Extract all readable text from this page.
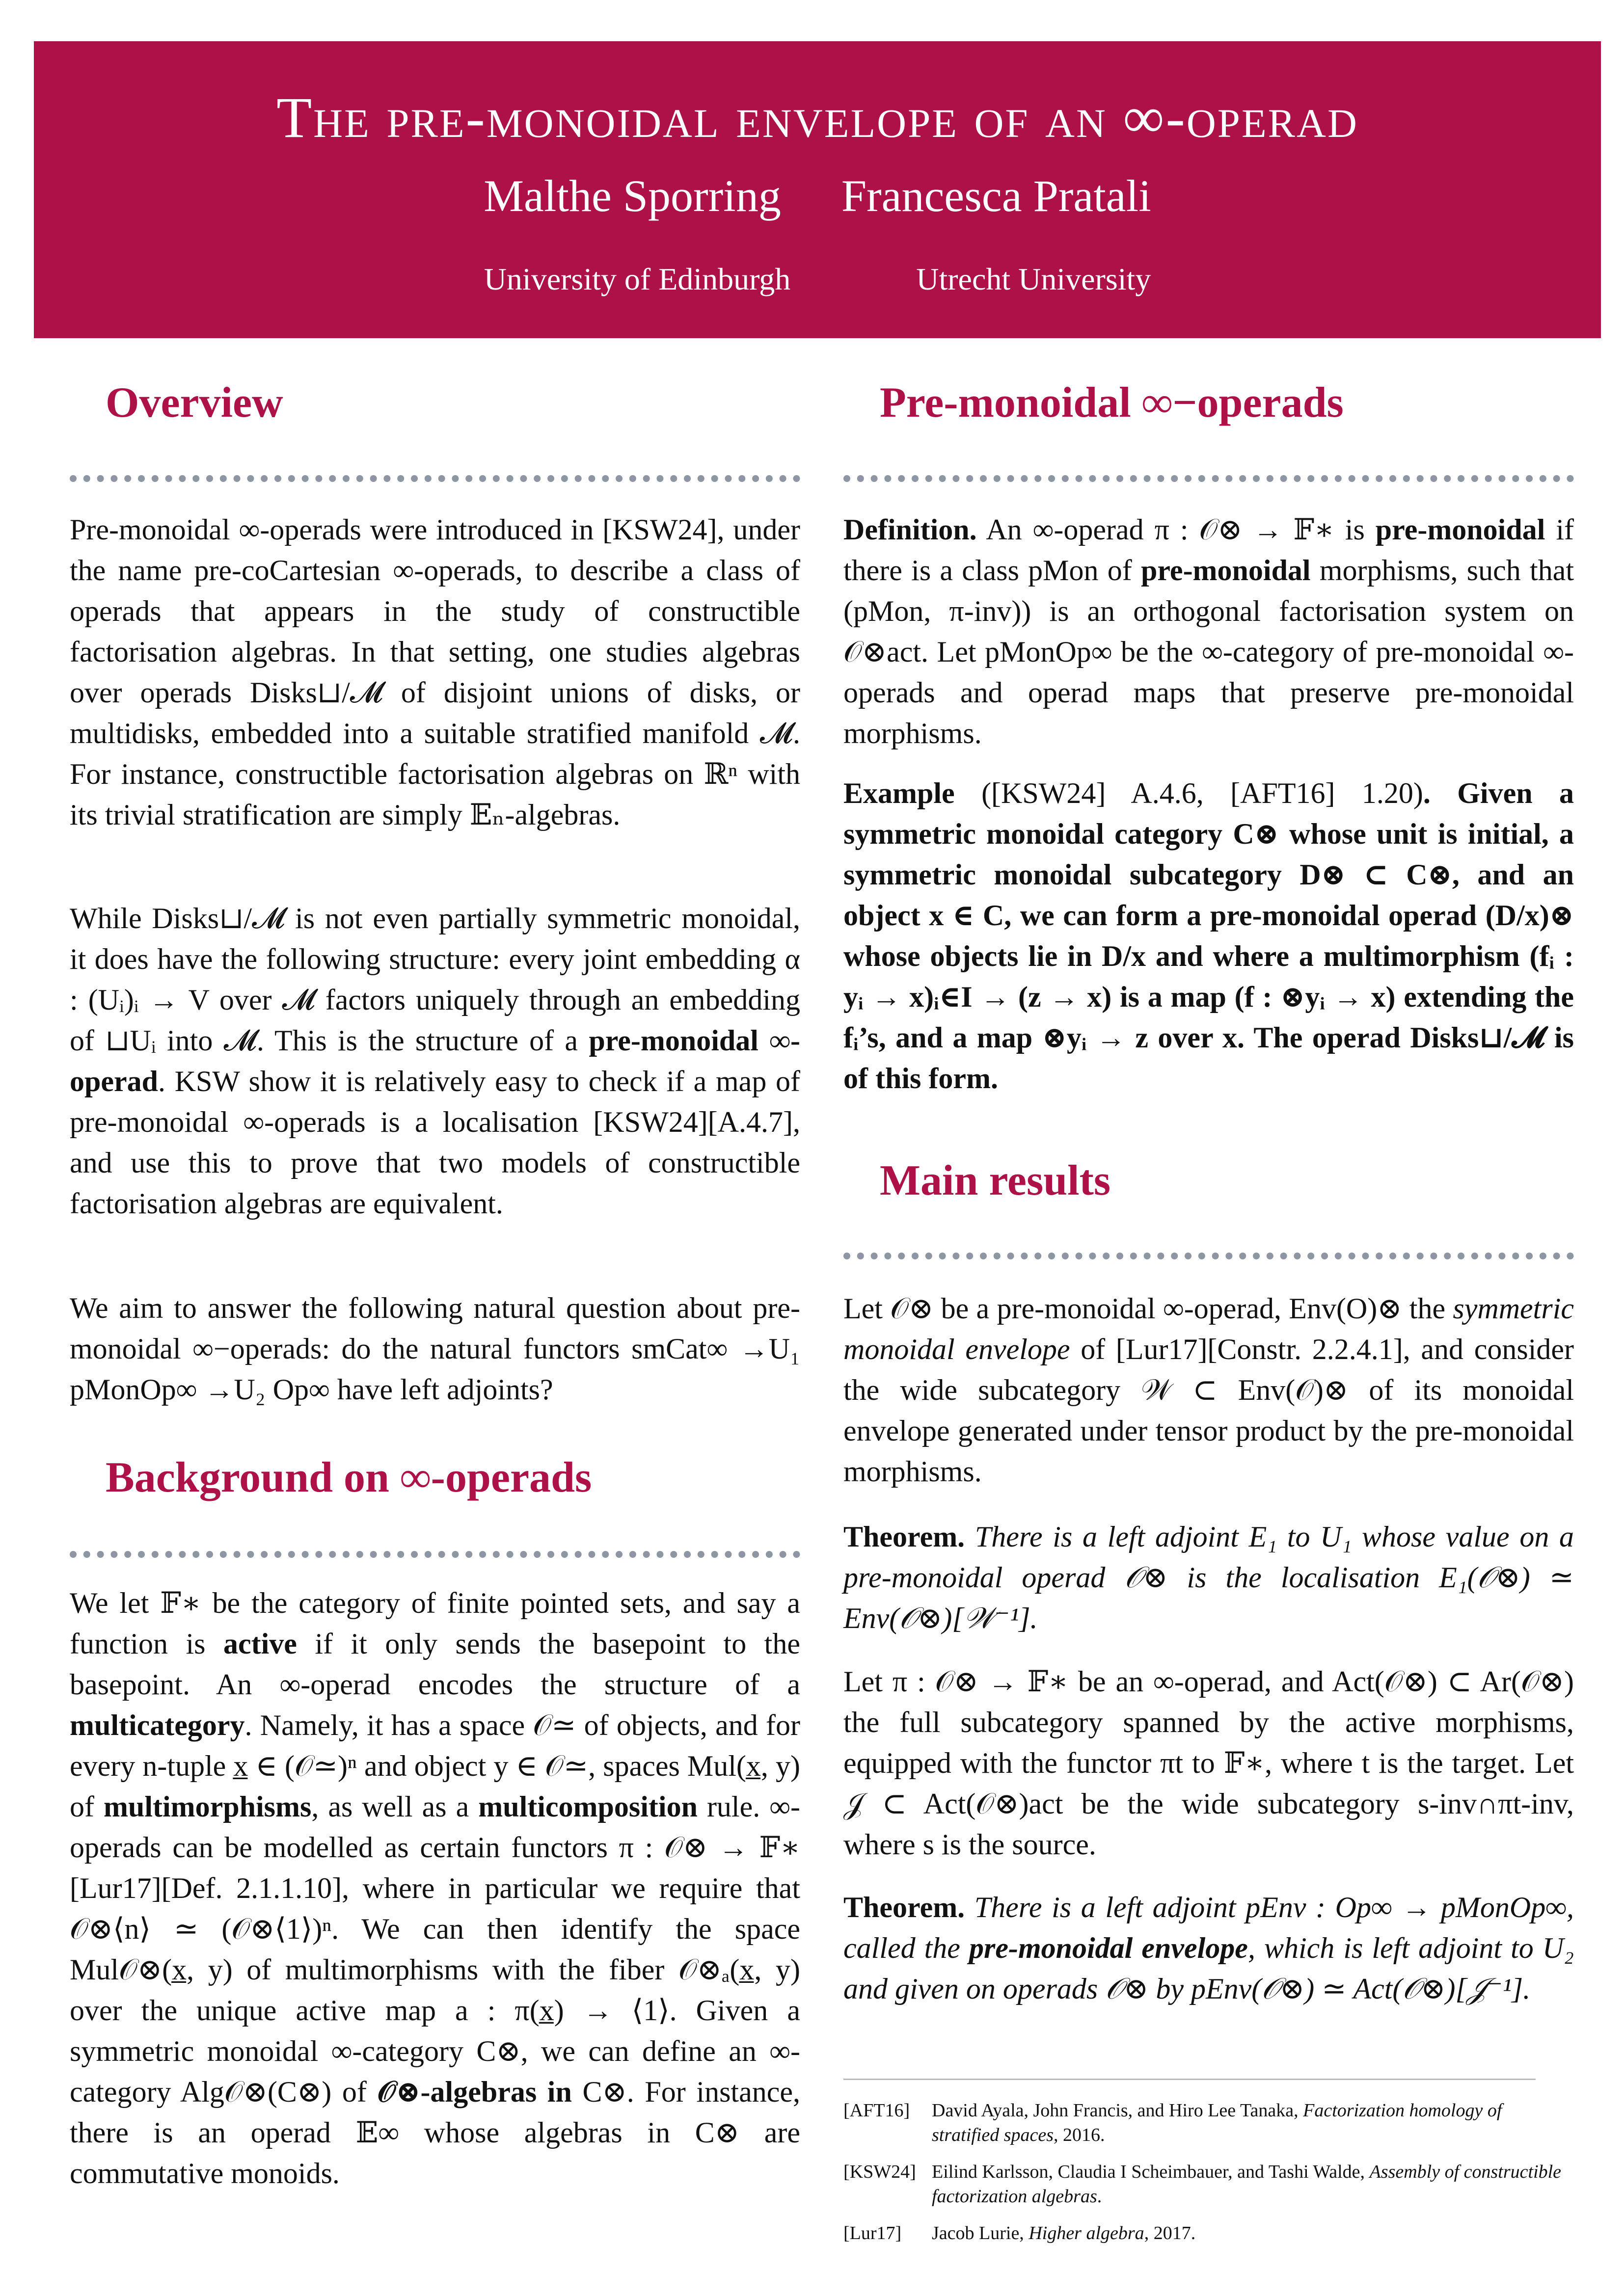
The pre-monoidal envelope of an ∞-operad
Malthe Sporring Francesca Pratali
University of Edinburgh	Utrecht University
Overview
Pre-monoidal ∞-operads were introduced in [KSW24], under the name pre-coCartesian ∞-operads, to describe a class of operads that appears in the study of constructible factorisation algebras. In that setting, one studies algebras over operads Disks⊔/𝓜 of disjoint unions of disks, or multidisks, embedded into a suitable stratified manifold 𝓜. For instance, constructible factorisation algebras on ℝⁿ with its trivial stratification are simply 𝔼ₙ-algebras.
While Disks⊔/𝓜 is not even partially symmetric monoidal, it does have the following structure: every joint embedding α : (Uᵢ)ᵢ → V over 𝓜 factors uniquely through an embedding of ⊔Uᵢ into 𝓜. This is the structure of a pre-monoidal ∞-operad. KSW show it is relatively easy to check if a map of pre-monoidal ∞-operads is a localisation [KSW24][A.4.7], and use this to prove that two models of constructible factorisation algebras are equivalent.
We aim to answer the following natural question about pre-monoidal ∞−operads: do the natural functors smCat∞ →U₁ pMonOp∞ →U₂ Op∞ have left adjoints?
Background on ∞-operads
We let 𝔽∗ be the category of finite pointed sets, and say a function is active if it only sends the basepoint to the basepoint. An ∞-operad encodes the structure of a multicategory. Namely, it has a space 𝒪≃ of objects, and for every n-tuple x̲ ∈ (𝒪≃)ⁿ and object y ∈ 𝒪≃, spaces Mul(x̲, y) of multimorphisms, as well as a multicomposition rule. ∞-operads can be modelled as certain functors π : 𝒪⊗ → 𝔽∗ [Lur17][Def. 2.1.1.10], where in particular we require that 𝒪⊗⟨n⟩ ≃ (𝒪⊗⟨1⟩)ⁿ. We can then identify the space Mul𝒪⊗(x̲, y) of multimorphisms with the fiber 𝒪⊗ₐ(x̲, y) over the unique active map a : π(x̲) → ⟨1⟩. Given a symmetric monoidal ∞-category C⊗, we can define an ∞-category Alg𝒪⊗(C⊗) of 𝒪⊗-algebras in C⊗. For instance, there is an operad 𝔼∞ whose algebras in C⊗ are commutative monoids.
Pre-monoidal ∞−operads
Definition. An ∞-operad π : 𝒪⊗ → 𝔽∗ is pre-monoidal if there is a class pMon of pre-monoidal morphisms, such that (pMon, π-inv)) is an orthogonal factorisation system on 𝒪⊗act. Let pMonOp∞ be the ∞-category of pre-monoidal ∞-operads and operad maps that preserve pre-monoidal morphisms.
Example ([KSW24] A.4.6, [AFT16] 1.20). Given a symmetric monoidal category C⊗ whose unit is initial, a symmetric monoidal subcategory D⊗ ⊂ C⊗, and an object x ∈ C, we can form a pre-monoidal operad (D/x)⊗ whose objects lie in D/x and where a multimorphism (fᵢ : yᵢ → x)ᵢ∈I → (z → x) is a map (f : ⊗yᵢ → x) extending the fᵢ’s, and a map ⊗yᵢ → z over x. The operad Disks⊔/𝓜 is of this form.
Main results
Let 𝒪⊗ be a pre-monoidal ∞-operad, Env(O)⊗ the symmetric monoidal envelope of [Lur17][Constr. 2.2.4.1], and consider the wide subcategory 𝒲 ⊂ Env(𝒪)⊗ of its monoidal envelope generated under tensor product by the pre-monoidal morphisms.
Theorem. There is a left adjoint E₁ to U₁ whose value on a pre-monoidal operad 𝒪⊗ is the localisation E₁(𝒪⊗) ≃ Env(𝒪⊗)[𝒲⁻¹].
Let π : 𝒪⊗ → 𝔽∗ be an ∞-operad, and Act(𝒪⊗) ⊂ Ar(𝒪⊗) the full subcategory spanned by the active morphisms, equipped with the functor πt to 𝔽∗, where t is the target. Let 𝒥 ⊂ Act(𝒪⊗)act be the wide subcategory s-inv∩πt-inv, where s is the source.
Theorem. There is a left adjoint pEnv : Op∞ → pMonOp∞, called the pre-monoidal envelope, which is left adjoint to U₂ and given on operads 𝒪⊗ by pEnv(𝒪⊗) ≃ Act(𝒪⊗)[𝒥⁻¹].
[AFT16] David Ayala, John Francis, and Hiro Lee Tanaka, Factorization homology of stratified spaces, 2016.
[KSW24] Eilind Karlsson, Claudia I Scheimbauer, and Tashi Walde, Assembly of constructible factorization algebras.
[Lur17] Jacob Lurie, Higher algebra, 2017.
